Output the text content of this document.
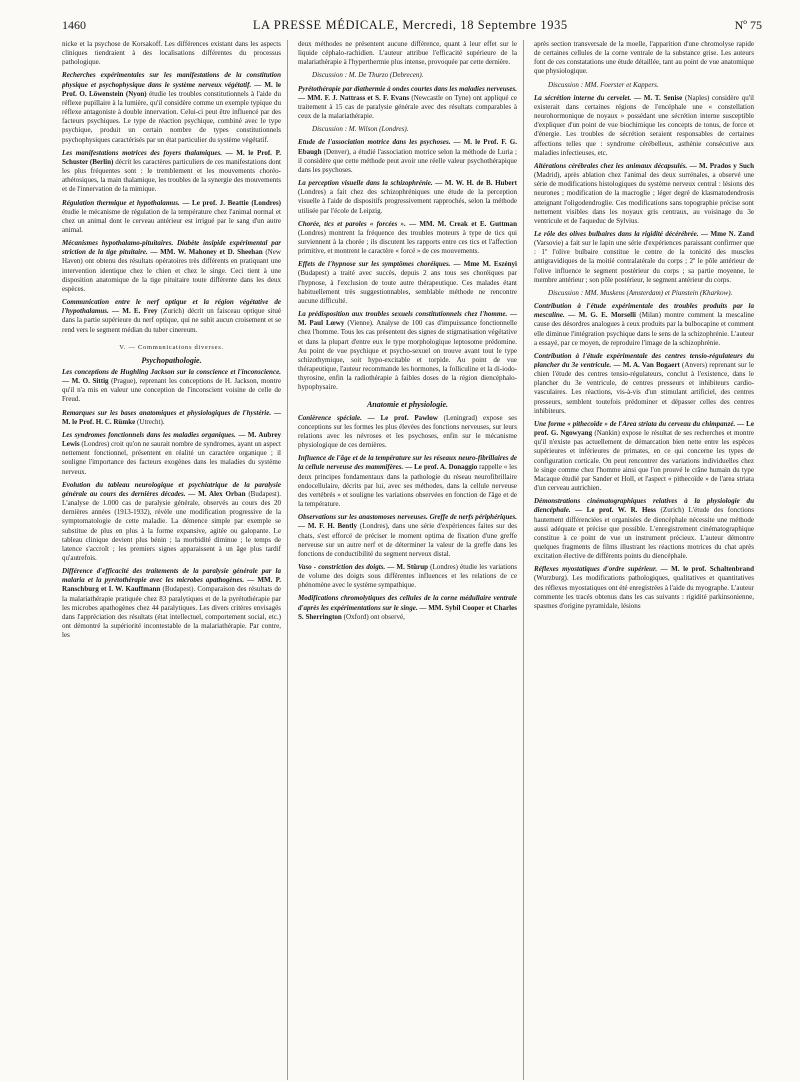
1460	LA PRESSE MÉDICALE, Mercredi, 18 Septembre 1935	Nº 75
nicke et la psychose de Korsakoff. Les différences existant dans les aspects cliniques tiendraient à des localisations différentes du processus pathologique.
Recherches expérimentales sur les manifestations de la constitution physique et psychophysique dans le système nerveux végétatif. — M. le Prof. O. Löwenstein (Nyon) étudie les troubles constitutionnels à l'aide du réflexe pupillaire à la lumière, qu'il considère comme un exemple typique du réflexe antagoniste à double innervation. Celui-ci peut être influencé par des facteurs psychiques. Le type de réaction psychique, combiné avec le type psychique, produit un certain nombre de types constitutionnels psychophysiques caractérisés par un état particulier du système végétatif.
Les manifestations motrices des foyers thalamiques. — M. le Prof. P. Schuster (Berlin) décrit les caractères particuliers de ces manifestations dont les plus fréquentes sont : le tremblement et les mouvements choréo-athétosiques, la main thalamique, les troubles de la synergie des mouvements et de l'innervation de la mimique.
Régulation thermique et hypothalamus. — Le prof. J. Beattie (Londres) étudie le mécanisme de régulation de la température chez l'animal normal et chez un animal dont le cerveau antérieur est irrigué par le sang d'un autre animal.
Mécanismes hypothalamo-pituitaires. Diabète insipide expérimental par striction de la tige pituitaire. — MM. W. Mahoney et D. Sheehan (New Haven) ont obtenu des résultats opératoires très différents en pratiquant une intervention identique chez le chien et chez le singe. Ceci tient à une disposition anatomique de la tige pituitaire toute différente dans les deux espèces.
Communication entre le nerf optique et la région végétative de l'hypothalamus. — M. E. Frey (Zurich) décrit un faisceau optique situé dans la partie supérieure du nerf optique, qui ne subit aucun croisement et se rend vers le segment médian du tuber cinereum.
V. — Communications diverses.
Psychopathologie.
Les conceptions de Hughling Jackson sur la conscience et l'inconscience. — M. O. Sittig (Prague), reprenant les conceptions de H. Jackson, montre qu'il n'a mis en valeur une conception de l'inconscient voisine de celle de Freud.
Remarques sur les bases anatomiques et physiologiques de l'hystérie. — M. le Prof. H. C. Rümke (Utrecht).
Les syndromes fonctionnels dans les maladies organiques. — M. Aubrey Lewis (Londres) croit qu'on ne saurait nombre de syndromes, ayant un aspect nettement fonctionnel, présentent en réalité un caractère organique ; il souligne l'importance des facteurs exogènes dans les maladies du système nerveux.
Evolution du tableau neurologique et psychiatrique de la paralysie générale au cours des dernières décades. — M. Alex Orban (Budapest). L'analyse de 1.000 cas de paralysie générale, observés au cours des 20 dernières années (1913-1932), révèle une modification progressive de la symptomatologie de cette maladie. La démence simple par exemple se substitue de plus en plus à la forme expansive, agitée ou galopante. Le tableau clinique devient plus bénin ; la morbidité diminue ; le temps de latence s'accroît ; les premiers signes apparaissent à un âge plus tardif qu'autrefois.
Différence d'efficacité des traitements de la paralysie générale par la malaria et la pyrétothérapie avec les microbes apathogènes. — MM. P. Ranschburg et I. W. Kauffmann (Budapest). Comparaison des résultats de la malariathérapie pratiquée chez 83 paralytiques et de la pyrétothérapie par les microbes apathogènes chez 44 paralytiques. Les divers critères envisagés dans l'appréciation des résultats (état intellectuel, comportement social, etc.) ont démontré la supériorité incontestable de la malariathérapie. Par contre, les
deux méthodes ne présentent aucune différence, quant à leur effet sur le liquide céphalo-rachidien. L'auteur attribue l'efficacité supérieure de la malariathérapie à l'hyperthermie plus intense, provoquée par cette dernière.
Discussion : M. De Thurzo (Debrecen).
Pyrétothérapie par diathermie à ondes courtes dans les maladies nerveuses. — MM. F. J. Nattrass et S. F. Evans (Newcastle on Tyne) ont appliqué ce traitement à 15 cas de paralysie générale avec des résultats comparables à ceux de la malariathérapie.
Discussion : M. Wilson (Londres).
Etude de l'association motrice dans les psychoses. — M. le Prof. F. G. Ebaugh (Denver), a étudié l'association motrice selon la méthode de Luria ; il considère que cette méthode peut avoir une réelle valeur psychothérapique dans les psychoses.
La perception visuelle dans la schizophrénie. — M. W. H. de B. Hubert (Londres) a fait chez des schizophréniques une étude de la perception visuelle à l'aide de dispositifs progressivement rapprochés, selon la méthode utilisée par l'école de Leipzig.
Chorée, tics et paroles « forcées ». — MM. M. Creak et E. Guttman (Londres) montrent la fréquence des troubles moteurs à type de tics qui surviennent à la chorée ; ils discutent les rapports entre ces tics et l'affection primitive, et montrent le caractère « forcé » de ces mouvements.
Effets de l'hypnose sur les symptômes choréiques. — Mme M. Eszényi (Budapest) a traité avec succès, depuis 2 ans tous ses choréiques par l'hypnose, à l'exclusion de toute autre thérapeutique. Ces malades étant habituellement très suggestionnables, semblable méthode ne rencontre aucune difficulté.
La prédisposition aux troubles sexuels constitutionnels chez l'homme. — M. Paul Lœwy (Vienne). Analyse de 100 cas d'impuissance fonctionnelle chez l'homme. Tous les cas présentent des signes de stigmatisation végétative et dans la plupart d'entre eux le type morphologique leptosome prédomine. Au point de vue psychique et psycho-sexuel on trouve avant tout le type schizothymique, soit hypo-excitable et torpide. Au point de vue thérapeutique, l'auteur recommande les hormones, la folliculine et la di-iodo-thyrosine, enfin la radiothérapie à faibles doses de la région diencéphalo-hypophysaire.
Anatomie et physiologie.
Conièrence spéciale. — Le prof. Pawlow (Leningrad) expose ses conceptions sur les formes les plus élevées des fonctions nerveuses, sur leurs relations avec les névroses et les psychoses, enfin sur le mécanisme physiologique de ces dernières.
Influence de l'âge et de la température sur les réseaux neuro-fibrillaires de la cellule nerveuse des mammifères. — Le prof. A. Donaggio rappelle « les deux principes fondamentaux dans la pathologie du réseau neurofibrillaire endocellulaire, décrits par lui, avec ses méthodes, dans la cellule nerveuse des vertébrés » et souligne les variations observées en fonction de l'âge et de la température.
Observations sur les anastomoses nerveuses. Greffe de nerfs périphériques. — M. F. H. Bently (Londres), dans une série d'expériences faites sur des chats, s'est efforcé de préciser le moment optima de fixation d'une greffe nerveuse sur un autre nerf et de déterminer la valeur de la greffe dans les fonctions de conductibilité du segment nerveux distal.
Vaso - constriction des doigts. — M. Stürup (Londres) étudie les variations de volume des doigts sous différentes influences et les relations de ce phénomène avec le système sympathique.
Modifications chromolytiques des cellules de la corne médullaire ventrale d'après les expérimentations sur le singe. — MM. Sybil Cooper et Charles S. Sherrington (Oxford) ont observé,
après section transversale de la moelle, l'apparition d'une chromolyse rapide de certaines cellules de la corne ventrale de la substance grise. Les auteurs font de ces constatations une étude détaillée, tant au point de vue anatomique que physiologique.
Discussion : MM. Foerster et Kappers.
La sécrétion interne du cervelet. — M. T. Senise (Naples) considère qu'il existerait dans certaines régions de l'encéphale une « constellation neurohormonique de noyaux » possédant une sécrétion interne susceptible d'expliquer d'un point de vue biochimique les concepts de tonus, de force et d'énergie. Les troubles de sécrétion seraient responsables de certaines affections telles que : syndrome cérébelleux, asthénie consécutive aux maladies infectieuses, etc.
Altérations cérébrales chez les animaux décapsulés. — M. Prados y Such (Madrid), après ablation chez l'animal des deux surrénales, a observé une série de modifications histologiques du système nerveux central : lésions des neurones ; modification de la macroglie ; léger degré de klasmatodendrosis atteignant l'oligodendroglie. Ces modifications sans topographie précise sont nettement visibles dans les noyaux gris centraux, au voisinage du 3e ventricule et de l'aqueduc de Sylvius.
Le rôle des olives bulbaires dans la rigidité décérébrée. — Mme N. Zand (Varsovie) a fait sur le lapin une série d'expériences paraissant confirmer que : 1º l'olive bulbaire constitue le centre de la tonicité des muscles antigravidiques de la moitié contralatérale du corps ; 2º le pôle antérieur de l'olive influence le segment postérieur du corps ; sa partie moyenne, le membre antérieur ; son pôle postérieur, le segment antérieur du corps.
Discussion : MM. Muskens (Amsterdam) et Piunstein (Kharkow).
Contribution à l'étude expérimentale des troubles produits par la mescaline. — M. G. E. Morselli (Milan) montre comment la mescaline cause des désordres analogues à ceux produits par la bulbocapine et comment elle diminue l'intégration psychique dans le sens de la schizophrénie. L'auteur a essayé, par ce moyen, de reproduire l'image de la schizophrénie.
Contribution à l'étude expérimentale des centres tensio-régulateurs du plancher du 3e ventricule. — M. A. Van Bogaert (Anvers) reprenant sur le chien l'étude des centres tensio-régulateurs, conclut à l'existence, dans le plancher du 3e ventricule, de centres presseurs et inhibiteurs cardio-vasculaires. Les réactions, vis-à-vis d'un stimulant artificiel, des centres presseurs, semblent toutefois prédominer et dépasser celles des centres inhibiteurs.
Une forme « pithecoïde » de l'Area striata du cerveau du chimpanzé. — Le prof. G. Ngowyang (Nankin) expose le résultat de ses recherches et montre qu'il n'existe pas actuellement de démarcation bien nette entre les espèces supérieures et inférieures de primates, en ce qui concerne les types de configuration corticale. On peut rencontrer des variations individuelles chez le singe comme chez l'homme ainsi que l'on prouvé le crâne humain du type Macaque étudié par Sander et Holl, et l'aspect « pithecoïde » de l'area striata d'un cerveau autrichien.
Démonstrations cinématographiques relatives à la physiologie du diencéphale. — Le prof. W. R. Hess (Zurich) L'étude des fonctions hautement différenciées et organisées de diencéphale nécessite une méthode aussi adéquate et précise que possible. L'enregistrement cinématographique constitue à ce point de vue un instrument précieux. L'auteur démontre quelques fragments de films illustrant les réactions motrices du chat après excitation élective de différents points du diencéphale.
Réflexes myostatiques d'ordre supérieur. — M. le prof. Schaltenbrand (Wurzburg). Les modifications pathologiques, qualitatives et quantitatives des réflexes myostatiques ont été enregistrées à l'aide du myographe. L'auteur commente les tracés obtenus dans les cas suivants : rigidité parkinsonienne, spasmes d'origine pyramidale, lésions
